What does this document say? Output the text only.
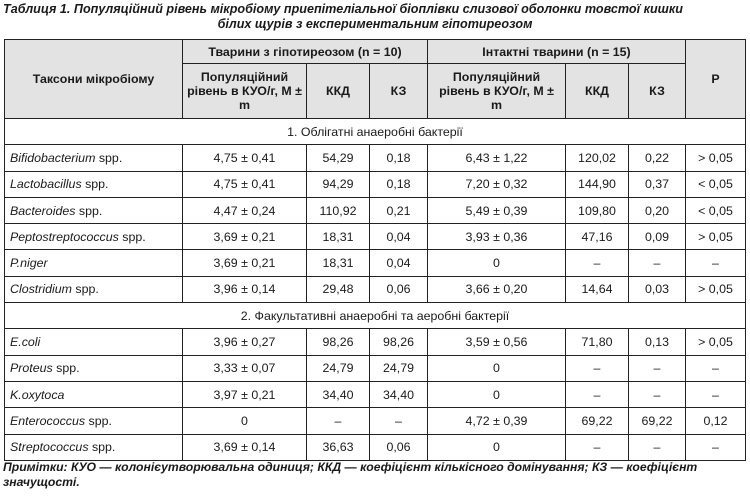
Таблиця 1. Популяційний рівень мікробіому приепітеліальної біоплівки слизової оболонки товстої кишки
білих щурів з експериментальним гіпотиреозом
Таксони мікробіому	Тварини з гіпотиреозом (n = 10)			Інтактні тварини (n = 15)			P
	Популяційний рівень в КУО/г, M ± m	ККД	КЗ	Популяційний рівень в КУО/г, M ± m	ККД	КЗ	
1. Облігатні анаеробні бактерії							
Bifidobacterium spp.	4,75 ± 0,41	54,29	0,18	6,43 ± 1,22	120,02	0,22	> 0,05
Lactobacillus spp.	4,75 ± 0,41	94,29	0,18	7,20 ± 0,32	144,90	0,37	< 0,05
Bacteroides spp.	4,47 ± 0,24	110,92	0,21	5,49 ± 0,39	109,80	0,20	< 0,05
Peptostreptococcus spp.	3,69 ± 0,21	18,31	0,04	3,93 ± 0,36	47,16	0,09	> 0,05
P.niger	3,69 ± 0,21	18,31	0,04	0	–	–	–
Clostridium spp.	3,96 ± 0,14	29,48	0,06	3,66 ± 0,20	14,64	0,03	> 0,05
2. Факультативні анаеробні та аеробні бактерії							
E.coli	3,96 ± 0,27	98,26	98,26	3,59 ± 0,56	71,80	0,13	> 0,05
Proteus spp.	3,33 ± 0,07	24,79	24,79	0	–	–	–
K.oxytoca	3,97 ± 0,21	34,40	34,40	0	–	–	–
Enterococcus spp.	0	–	–	4,72 ± 0,39	69,22	69,22	0,12
Streptococcus spp.	3,69 ± 0,14	36,63	0,06	0	–	–	–
Примітки: КУО — колонієутворювальна одиниця; ККД — коефіцієнт кількісного домінування; КЗ — коефіцієнт значущості.
